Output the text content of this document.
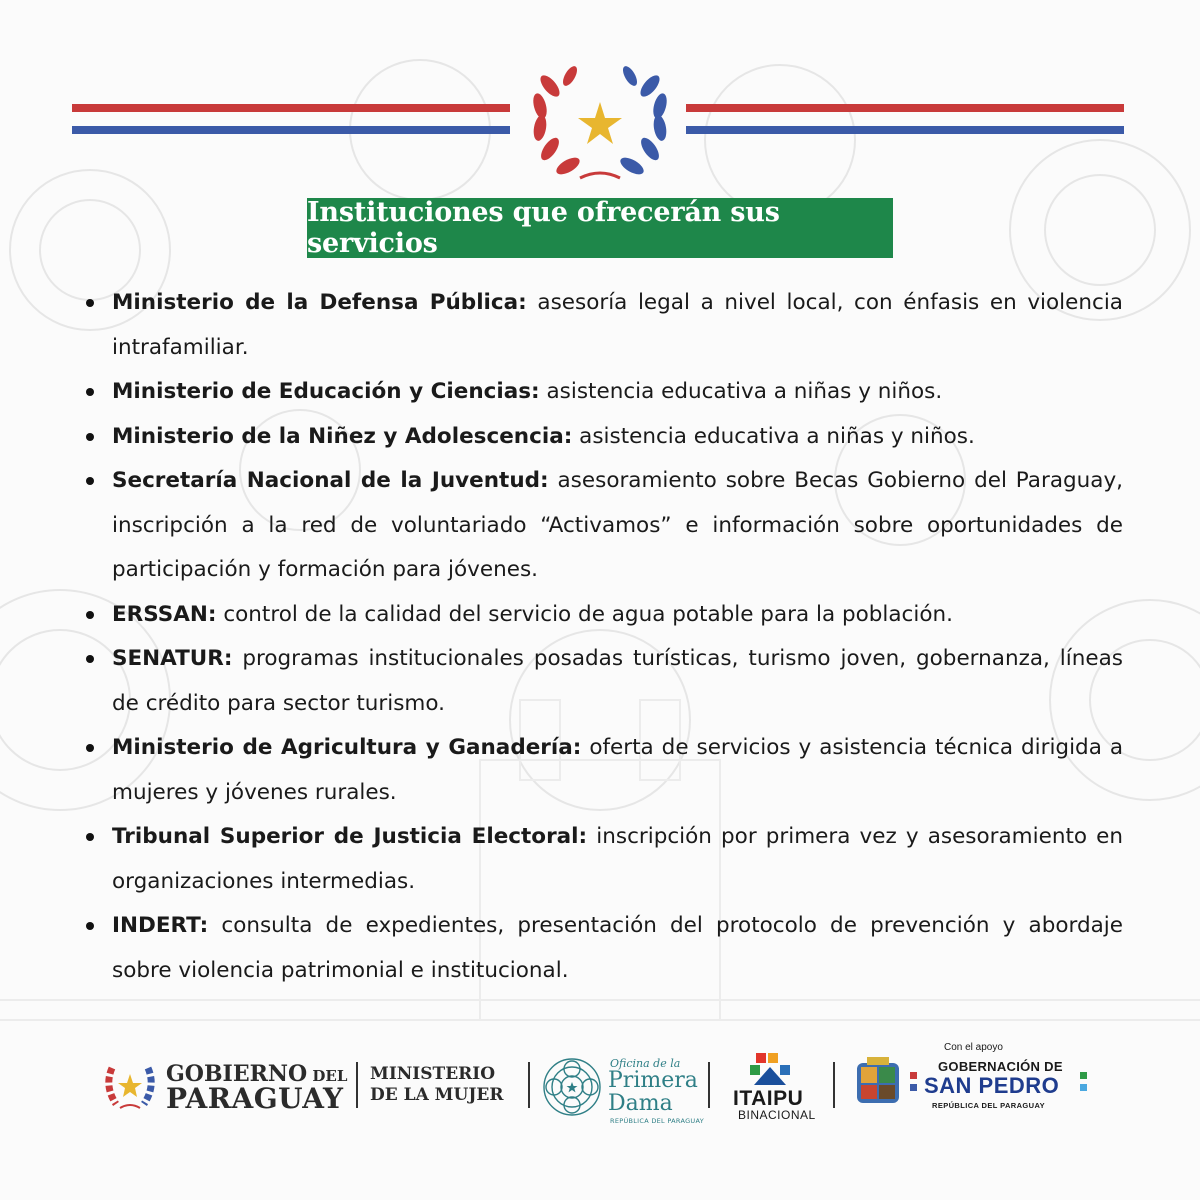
Instituciones que ofrecerán sus servicios
Ministerio de la Defensa Pública: asesoría legal a nivel local, con énfasis en violencia intrafamiliar.
Ministerio de Educación y Ciencias: asistencia educativa a niñas y niños.
Ministerio de la Niñez y Adolescencia: asistencia educativa a niñas y niños.
Secretaría Nacional de la Juventud: asesoramiento sobre Becas Gobierno del Paraguay, inscripción a la red de voluntariado “Activamos” e información sobre oportunidades de participación y formación para jóvenes.
ERSSAN: control de la calidad del servicio de agua potable para la población.
SENATUR: programas institucionales posadas turísticas, turismo joven, gobernanza, líneas de crédito para sector turismo.
Ministerio de Agricultura y Ganadería: oferta de servicios y asistencia técnica dirigida a mujeres y jóvenes rurales.
Tribunal Superior de Justicia Electoral: inscripción por primera vez y asesoramiento en organizaciones intermedias.
INDERT: consulta de expedientes, presentación del protocolo de prevención y abordaje sobre violencia patrimonial e institucional.
GOBIERNO DEL
PARAGUAY
MINISTERIO
DE LA MUJER
Oficina de la
Primera
Dama
REPÚBLICA DEL PARAGUAY
ITAIPU
BINACIONAL
Con el apoyo
GOBERNACIÓN DE
SAN PEDRO
REPÚBLICA DEL PARAGUAY
